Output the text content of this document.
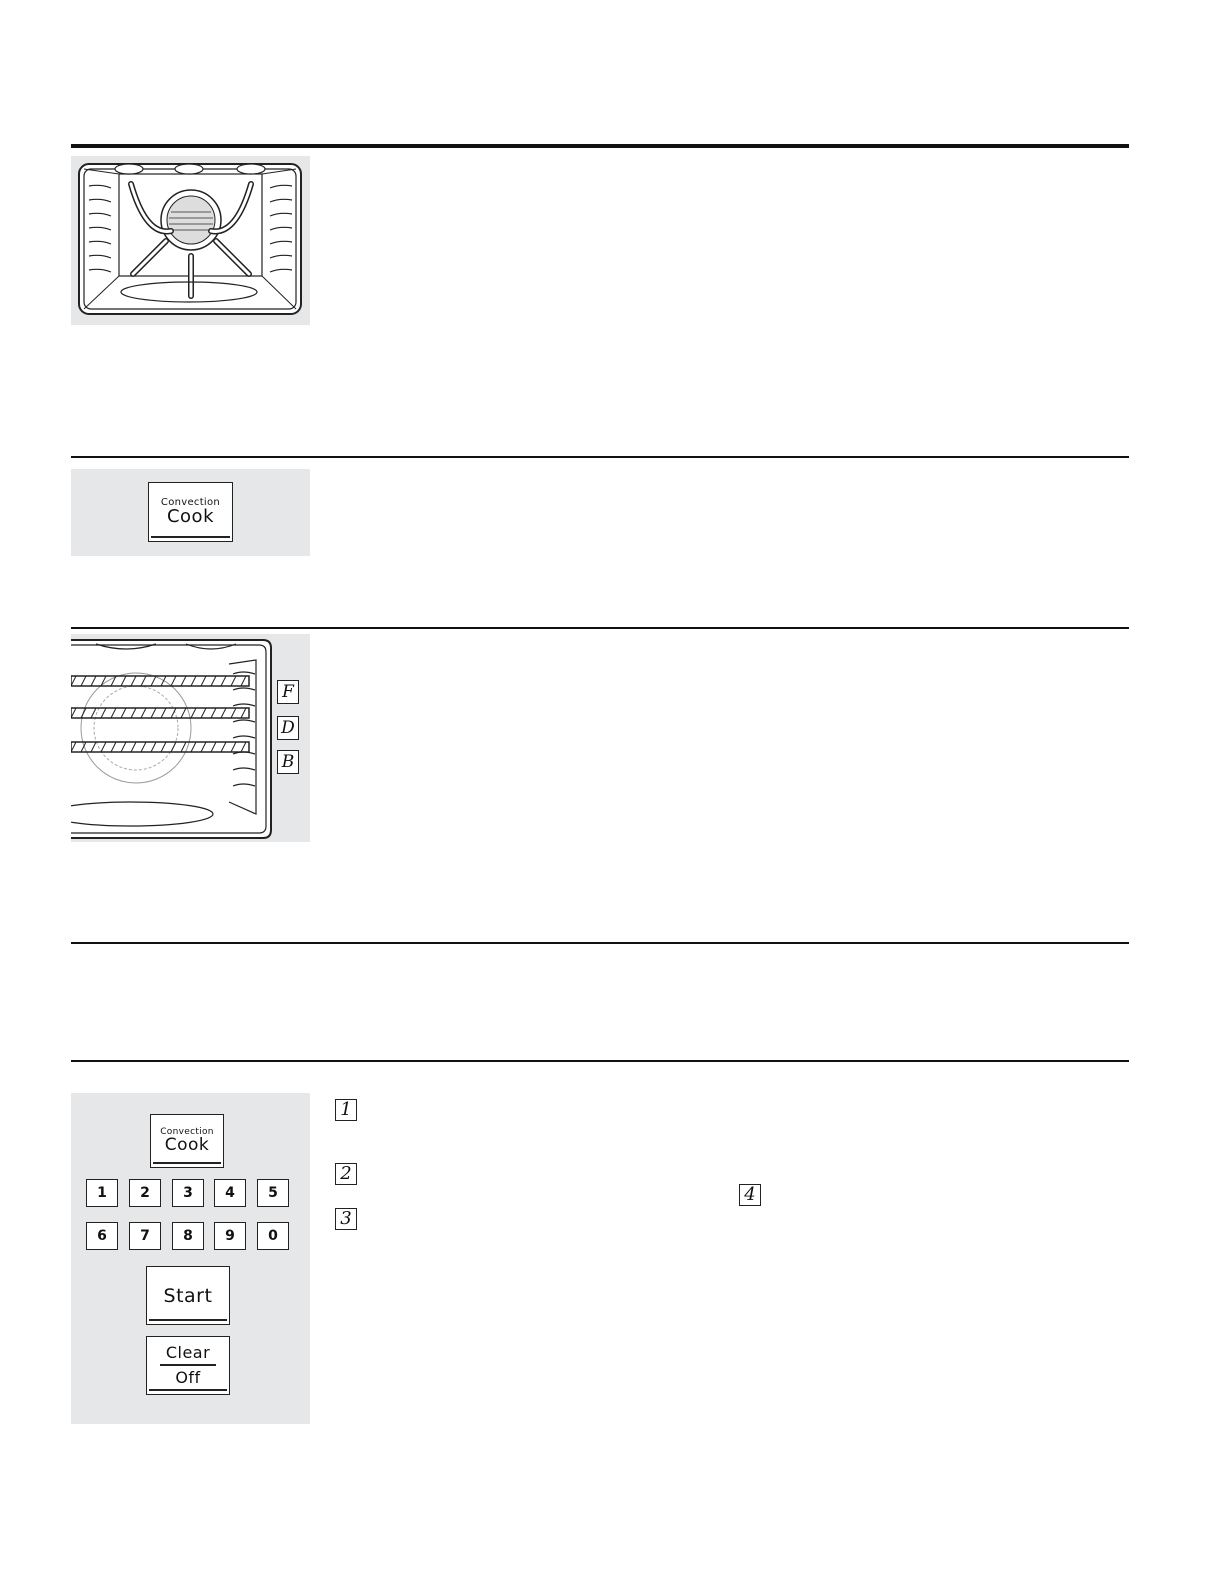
Convection
Cook
F
D
B
Convection
Cook
1	2	3	4	5
6	7	8	9	0
Start
Clear
Off
1
2
3
4
